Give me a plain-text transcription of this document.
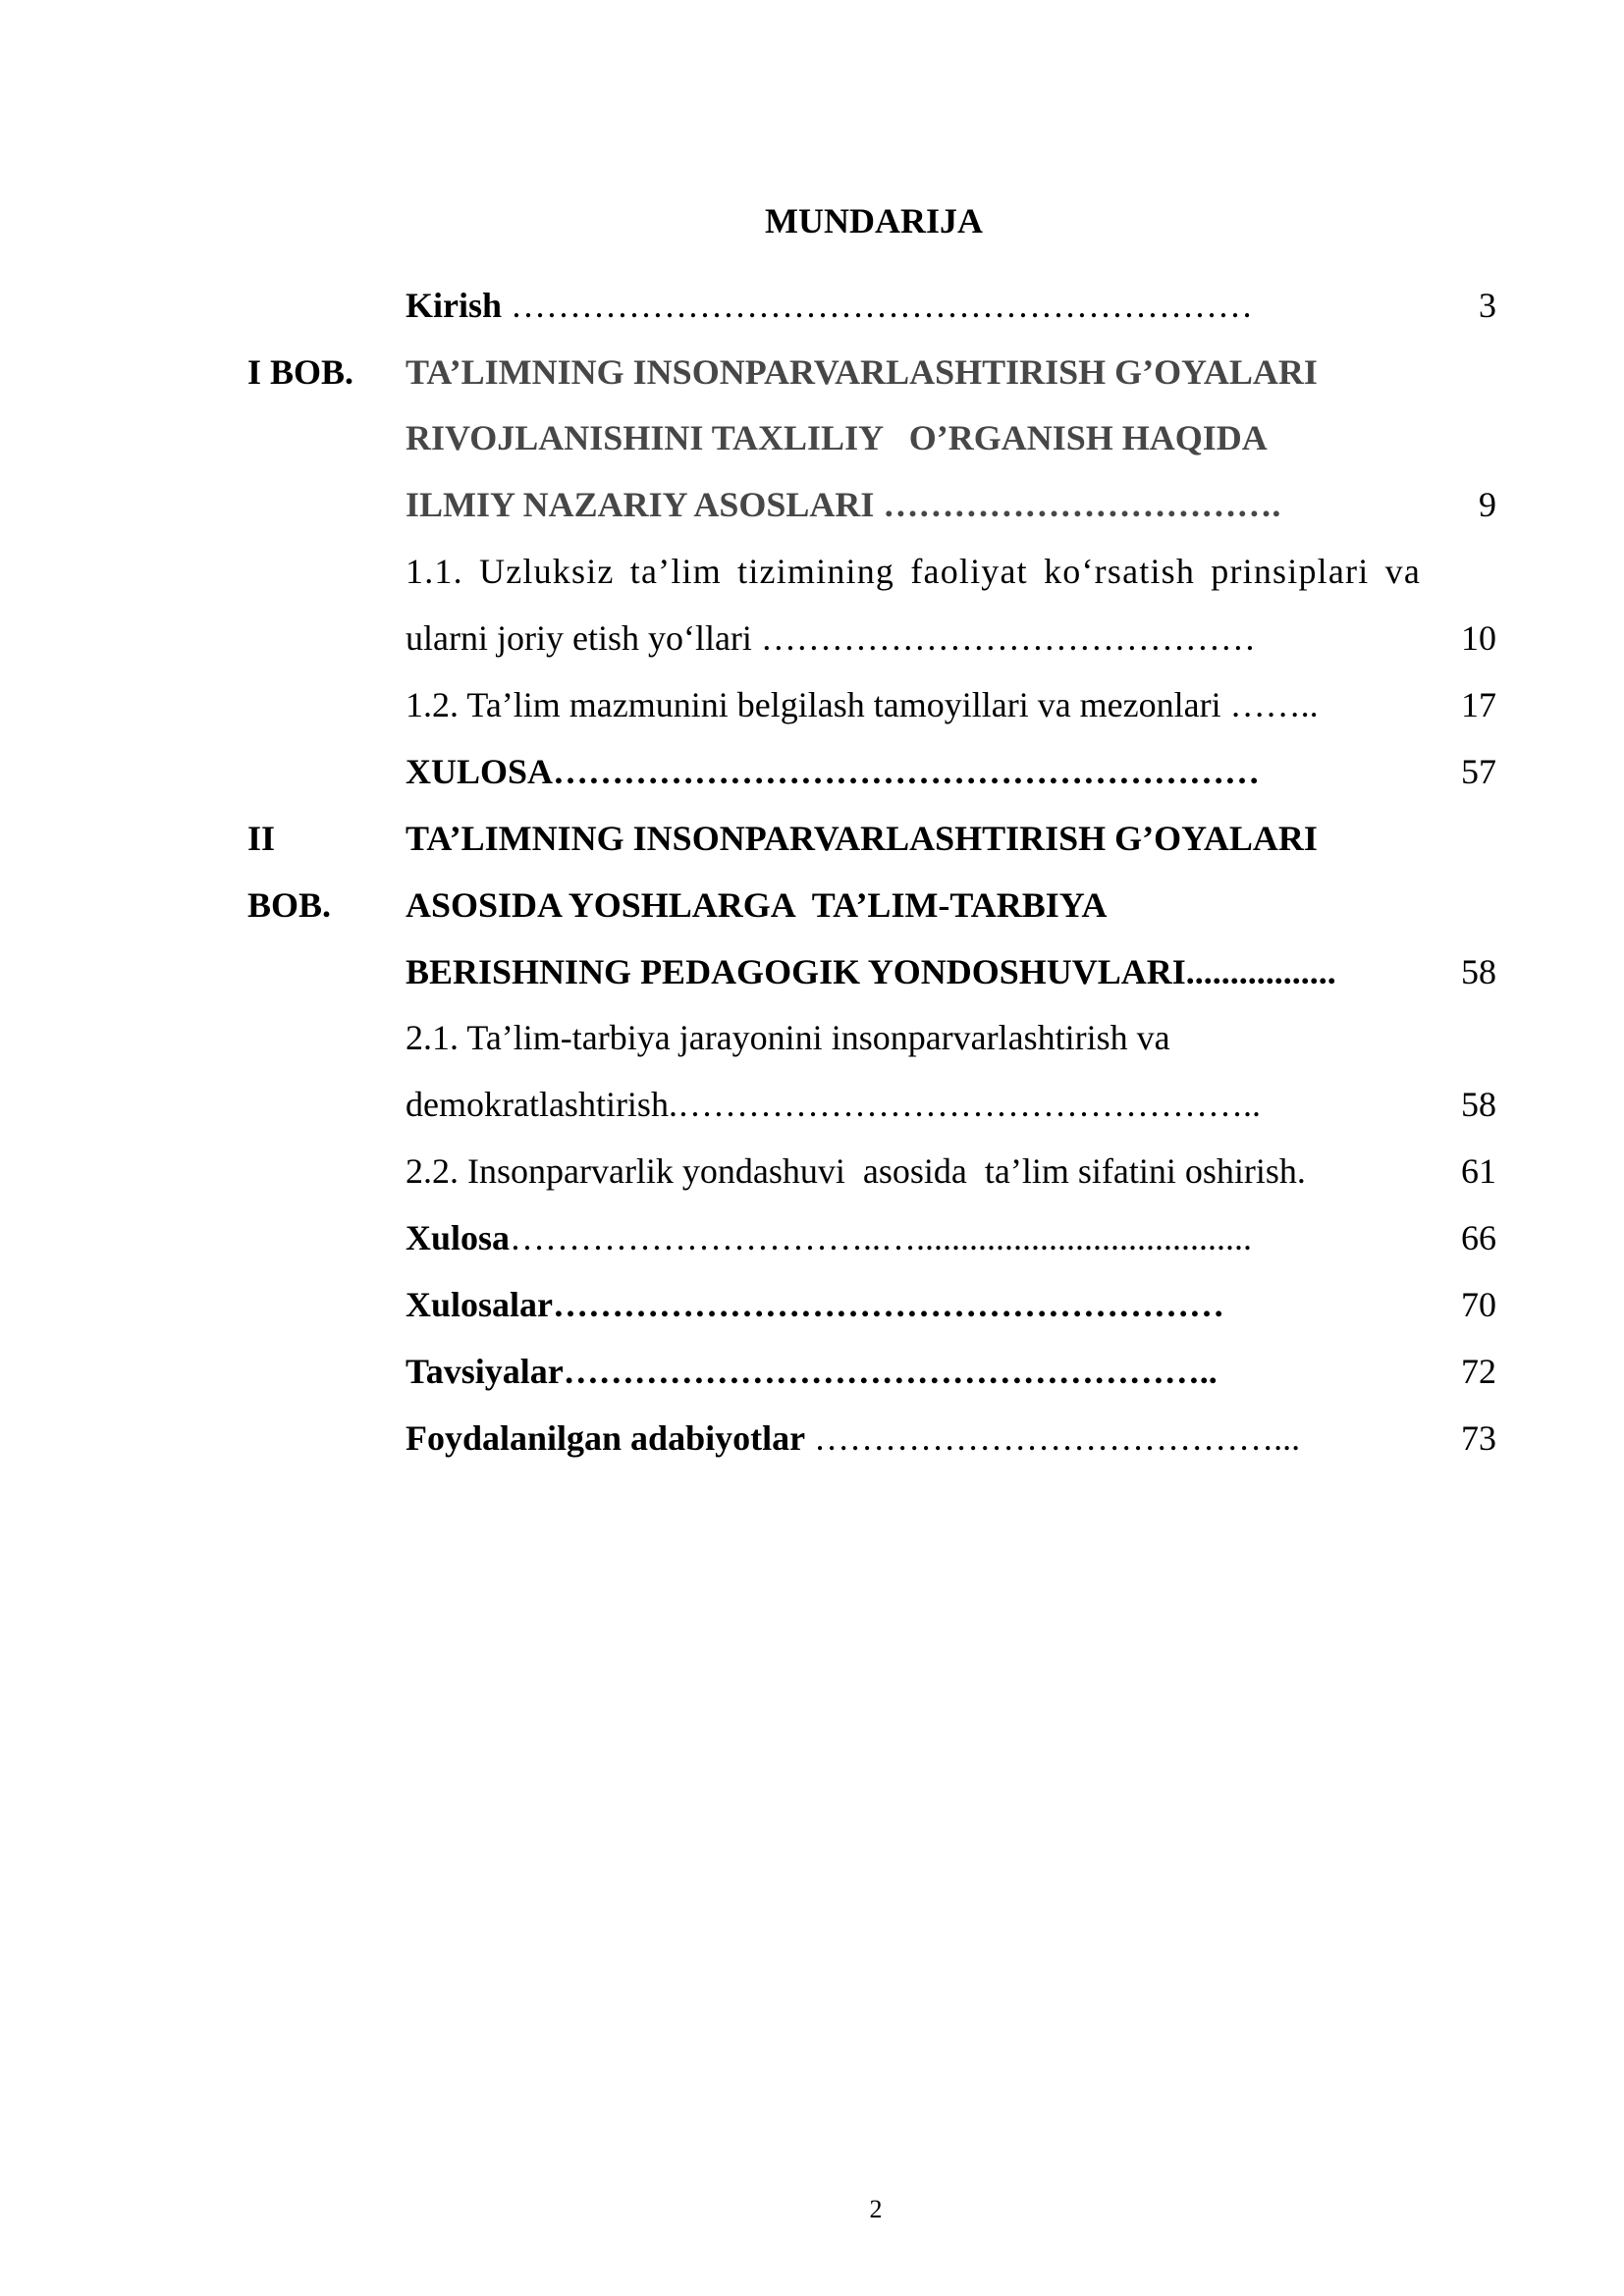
MUNDARIJA
Kirish ………………………………………………………	3
I BOB. TA’LIMNING INSONPARVARLASHTIRISH G’OYALARI
RIVOJLANISHINI TAXLILIY   O’RGANISH HAQIDA
ILMIY NAZARIY ASOSLARI …………………………….	9
1.1. Uzluksiz ta’lim tizimining faoliyat ko‘rsatish prinsiplari va
ularni joriy etish yo‘llari ……………………………………	10
1.2. Ta’lim mazmunini belgilash tamoyillari va mezonlari ……..	17
XULOSA……………………………………………………	57
II	TA’LIMNING INSONPARVARLASHTIRISH G’OYALARI
BOB. ASOSIDA YOSHLARGA  TA’LIM-TARBIYA
BERISHNING PEDAGOGIK YONDOSHUVLARI.................	58
2.1. Ta’lim-tarbiya jarayonini insonparvarlashtirish va
demokratlashtirish.…………………………………………..	58
2.2. Insonparvarlik yondashuvi  asosida  ta’lim sifatini oshirish.	61
Xulosa…………………………..…......................................	66
Xulosalar…………………………………………………	70
Tavsiyalar………………………………………………..	72
Foydalanilgan adabiyotlar …………………………………...	73
2
